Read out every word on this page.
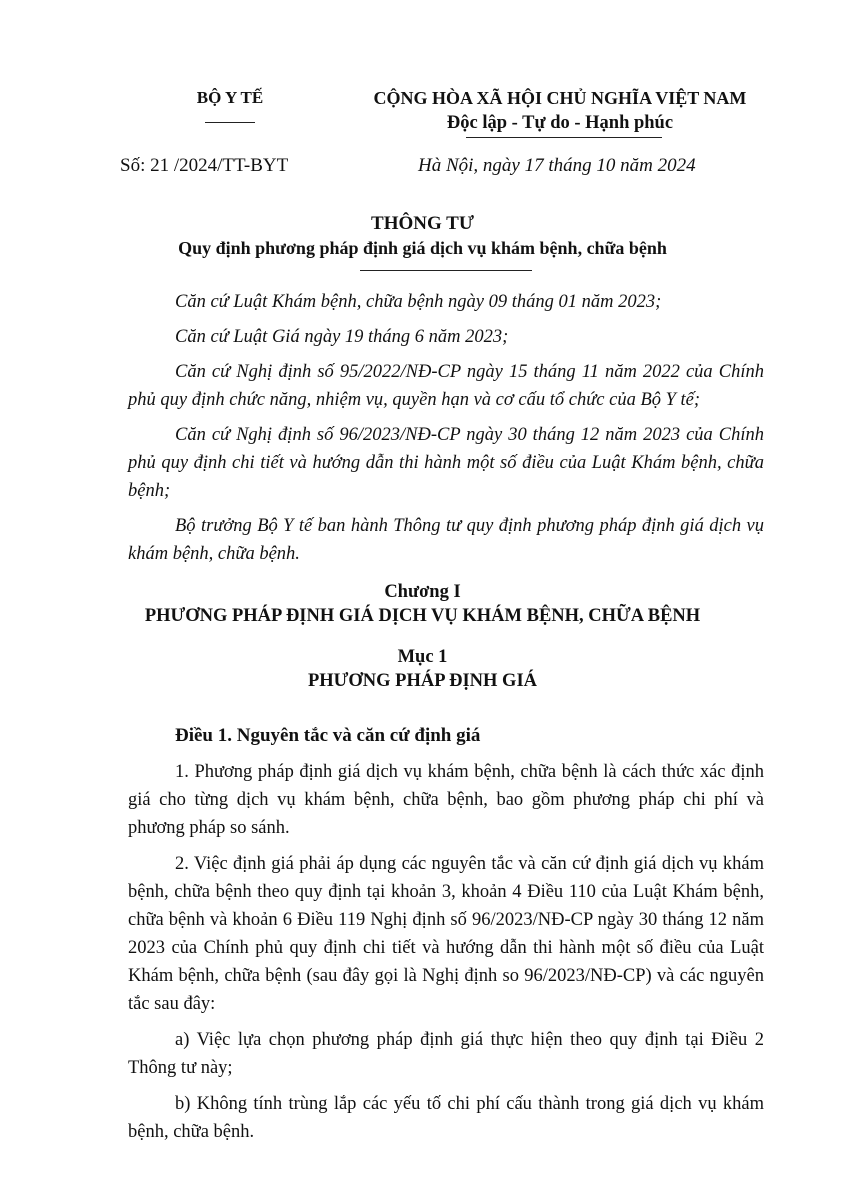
BỘ Y TẾ	CỘNG HÒA XÃ HỘI CHỦ NGHĨA VIỆT NAM
Độc lập - Tự do - Hạnh phúc
Số: 21 /2024/TT-BYT	Hà Nội, ngày 17 tháng 10 năm 2024
THÔNG TƯ
Quy định phương pháp định giá dịch vụ khám bệnh, chữa bệnh

Căn cứ Luật Khám bệnh, chữa bệnh ngày 09 tháng 01 năm 2023;

Căn cứ Luật Giá ngày 19 tháng 6 năm 2023;

Căn cứ Nghị định số 95/2022/NĐ-CP ngày 15 tháng 11 năm 2022 của Chính phủ quy định chức năng, nhiệm vụ, quyền hạn và cơ cấu tổ chức của Bộ Y tế;

Căn cứ Nghị định số 96/2023/NĐ-CP ngày 30 tháng 12 năm 2023 của Chính phủ quy định chi tiết và hướng dẫn thi hành một số điều của Luật Khám bệnh, chữa bệnh;

Bộ trưởng Bộ Y tế ban hành Thông tư quy định phương pháp định giá dịch vụ khám bệnh, chữa bệnh.

Chương I
PHƯƠNG PHÁP ĐỊNH GIÁ DỊCH VỤ KHÁM BỆNH, CHỮA BỆNH
Mục 1
PHƯƠNG PHÁP ĐỊNH GIÁ
Điều 1. Nguyên tắc và căn cứ định giá

1. Phương pháp định giá dịch vụ khám bệnh, chữa bệnh là cách thức xác định giá cho từng dịch vụ khám bệnh, chữa bệnh, bao gồm phương pháp chi phí và phương pháp so sánh.

2. Việc định giá phải áp dụng các nguyên tắc và căn cứ định giá dịch vụ khám bệnh, chữa bệnh theo quy định tại khoản 3, khoản 4 Điều 110 của Luật Khám bệnh, chữa bệnh và khoản 6 Điều 119 Nghị định số 96/2023/NĐ-CP ngày 30 tháng 12 năm 2023 của Chính phủ quy định chi tiết và hướng dẫn thi hành một số điều của Luật Khám bệnh, chữa bệnh (sau đây gọi là Nghị định so 96/2023/NĐ-CP) và các nguyên tắc sau đây:

a) Việc lựa chọn phương pháp định giá thực hiện theo quy định tại Điều 2 Thông tư này;

b) Không tính trùng lắp các yếu tố chi phí cấu thành trong giá dịch vụ khám bệnh, chữa bệnh.
